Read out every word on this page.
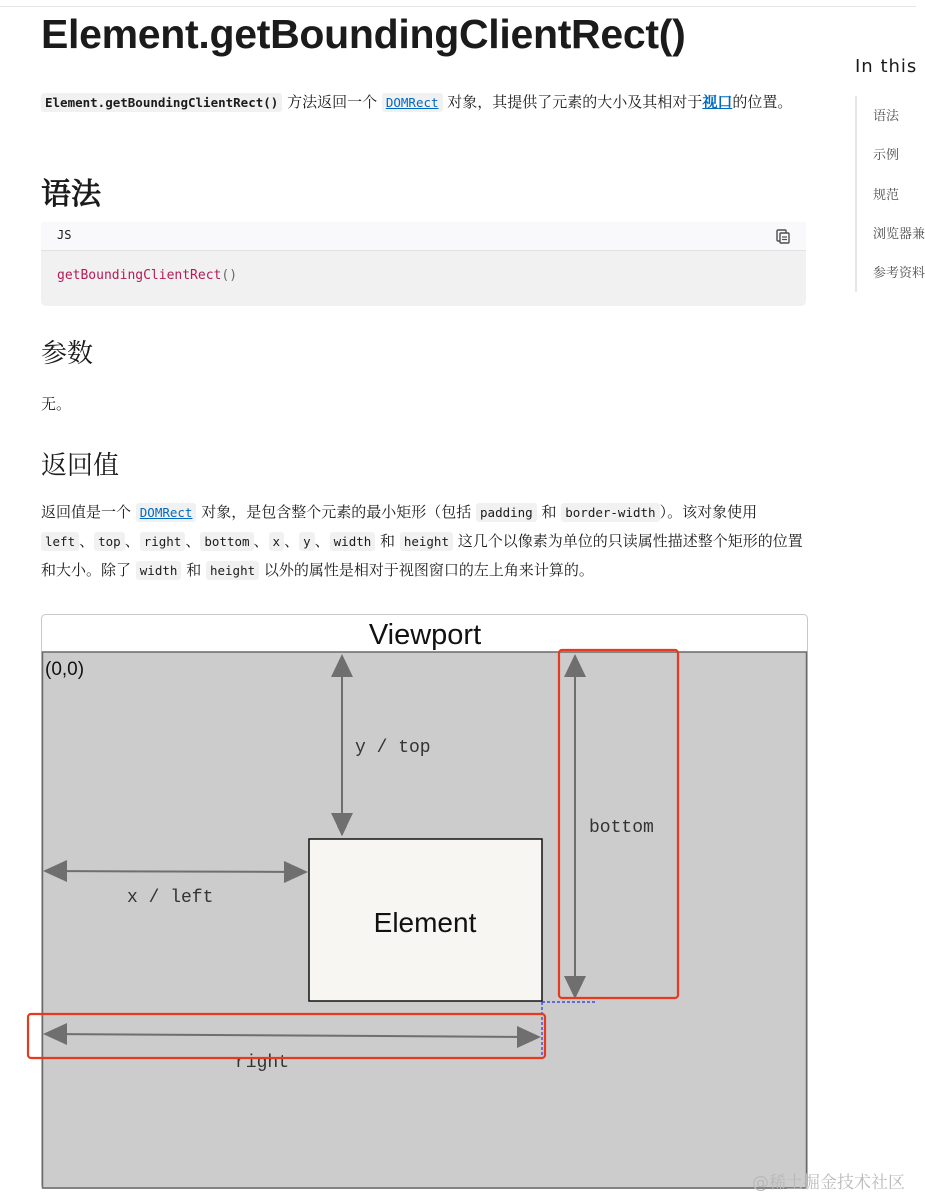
Element.getBoundingClientRect()

Element.getBoundingClientRect() 方法返回一个 DOMRect 对象，其提供了元素的大小及其相对于视口的位置。

语法
JS
getBoundingClientRect()
参数

无。

返回值

返回值是一个 DOMRect 对象，是包含整个元素的最小矩形（包括 padding 和 border-width ）。该对象使用 left 、 top 、 right 、 bottom 、 x 、 y 、 width 和 height 这几个以像素为单位的只读属性描述整个矩形的位置和大小。除了 width 和 height 以外的属性是相对于视图窗口的左上角来计算的。

In this
语法
示例
规范
浏览器兼
参考资料
Viewport
(0,0)
Element
y / top
x / left
bottom
right
@稀土掘金技术社区
